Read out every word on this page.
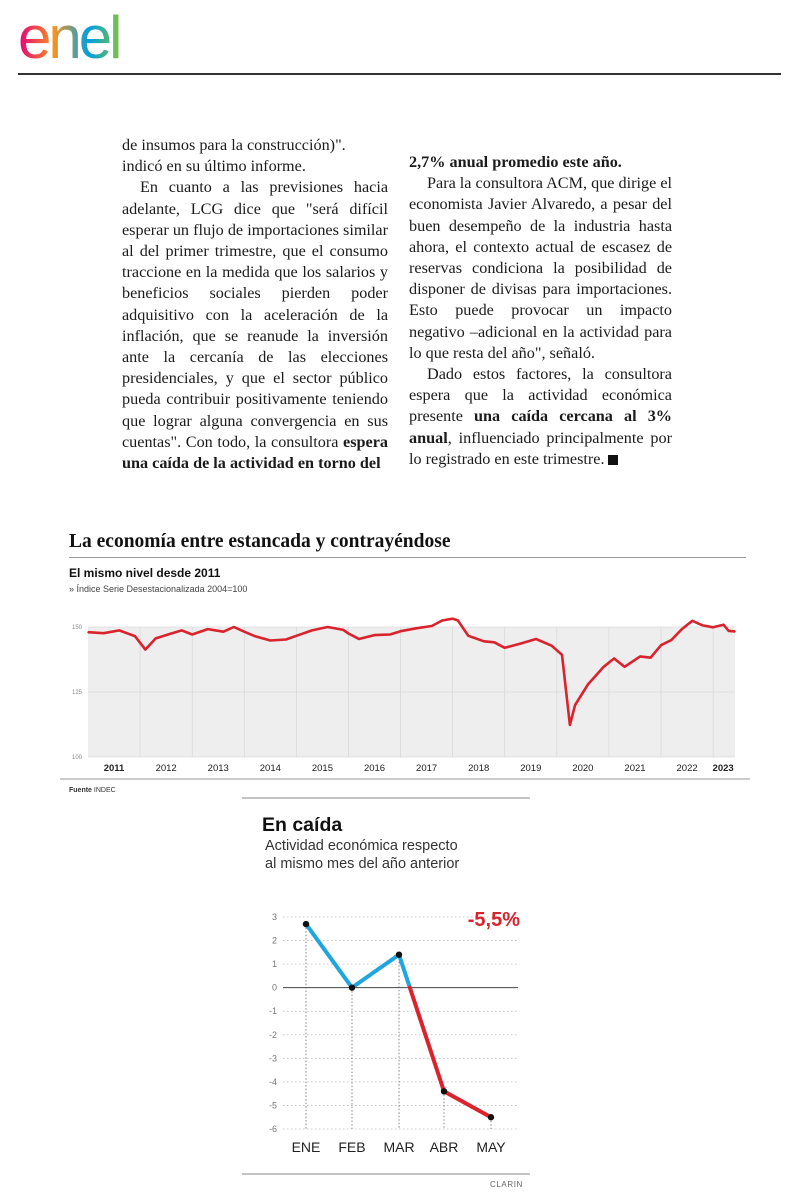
enel

de insumos para la construcción)".
indicó en su último informe.

En cuanto a las previsiones hacia adelante, LCG dice que "será difícil esperar un flujo de importaciones similar al del primer trimestre, que el consumo traccione en la medida que los salarios y beneficios sociales pierden poder adquisitivo con la aceleración de la inflación, que se reanude la inversión ante la cercanía de las elecciones presidenciales, y que el sector público pueda contribuir positivamente teniendo que lograr alguna convergencia en sus cuentas". Con todo, la consultora espera una caída de la actividad en torno del

2,7% anual promedio este año.

Para la consultora ACM, que dirige el economista Javier Alvaredo, a pesar del buen desempeño de la industria hasta ahora, el contexto actual de escasez de reservas condiciona la posibilidad de disponer de divisas para importaciones. Esto puede provocar un impacto negativo –adicional en la actividad para lo que resta del año", señaló.

Dado estos factores, la consultora espera que la actividad económica presente una caída cercana al 3% anual, influenciado principalmente por lo registrado en este trimestre.

La economía entre estancada y contrayéndose
El mismo nivel desde 2011
» Índice Serie Desestacionalizada 2004=100
150
125
100
2011	2012	2013	2014	2015	2016	2017	2018	2019	2020	2021	2022 2023
Fuente INDEC
3
2
1
0
-1
-2
-3
-4
-5
-6
ENE FEB MAR ABR MAY
-5,5%
En caída
Actividad económica respecto
al mismo mes del año anterior
CLARIN
